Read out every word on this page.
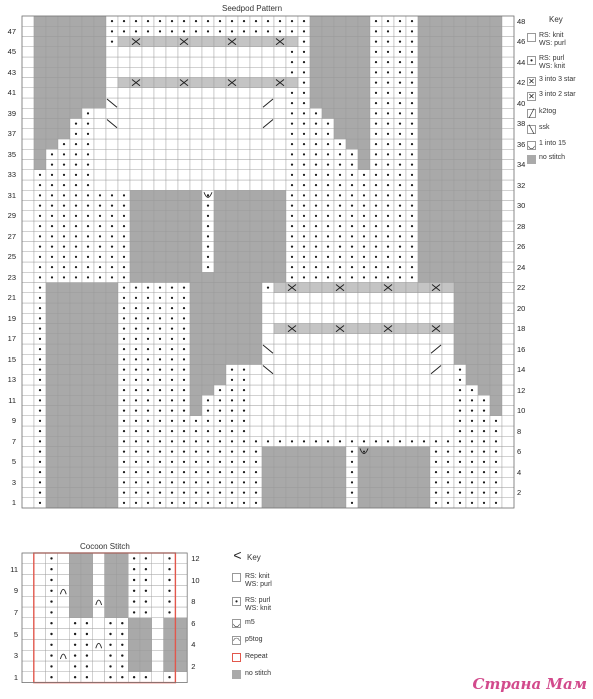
Seedpod Pattern
47
45
43
41
39
37
35
33
31
29
27
25
23
21
19
17
15
13
11
9
7
5
3
1
48
46
44
42
40
38
36
34
32
30
28
26
24
22
20
18
16
14
12
10
8
6
4
2
Key
RS: knit
WS: purl
• RS: purl
WS: knit
✕ 3 into 3 star
✕ 3 into 2 star
╱ k2tog
╲ ssk
◡ 1 into 15
no stitch
Cocoon Stitch
11
9
7
5
3
1
12
10
8
6
4
2
Key
<
RS: knit
WS: purl
•	RS: purl
WS: knit
◡ m5
◠ p5tog
Repeat
no stitch
Страна Мам
